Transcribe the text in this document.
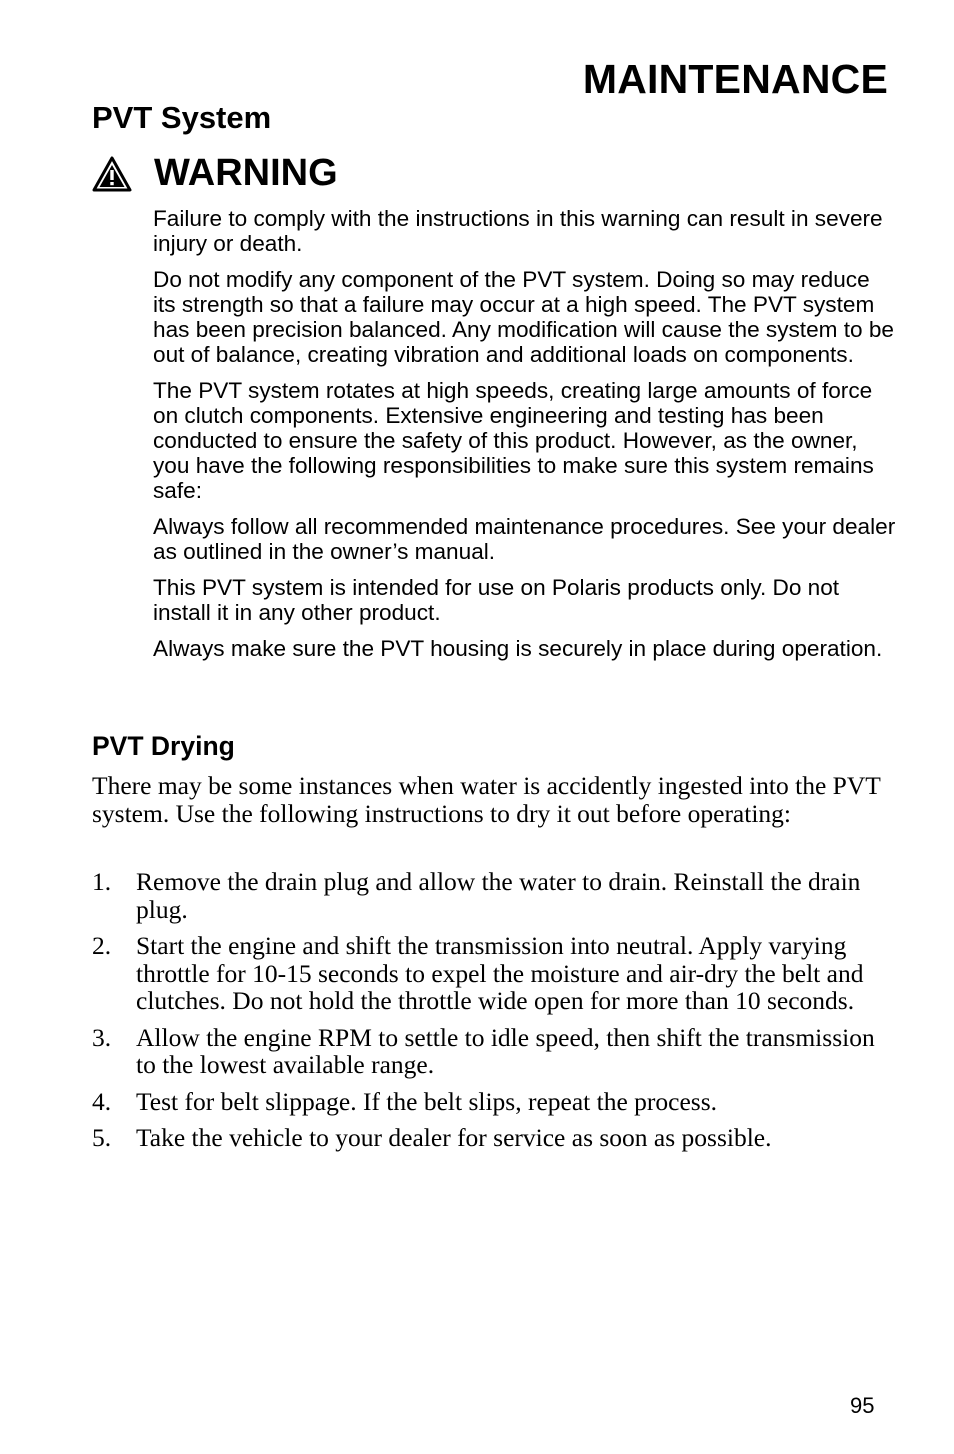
MAINTENANCE
PVT System
WARNING

Failure to comply with the instructions in this warning can result in severe injury or death.

Do not modify any component of the PVT system. Doing so may reduce its strength so that a failure may occur at a high speed. The PVT system has been precision balanced. Any modification will cause the system to be out of balance, creating vibration and additional loads on components.

The PVT system rotates at high speeds, creating large amounts of force on clutch components. Extensive engineering and testing has been conducted to ensure the safety of this product. However, as the owner, you have the following responsibilities to make sure this system remains safe:

Always follow all recommended maintenance procedures. See your dealer as outlined in the owner’s manual.

This PVT system is intended for use on Polaris products only. Do not install it in any other product.

Always make sure the PVT housing is securely in place during operation.

PVT Drying

There may be some instances when water is accidently ingested into the PVT system. Use the following instructions to dry it out before operating:

1. Remove the drain plug and allow the water to drain. Reinstall the drain plug.
2. Start the engine and shift the transmission into neutral. Apply varying throttle for 10-15 seconds to expel the moisture and air-dry the belt and clutches. Do not hold the throttle wide open for more than 10 seconds.
3. Allow the engine RPM to settle to idle speed, then shift the transmission to the lowest available range.
4. Test for belt slippage. If the belt slips, repeat the process.
5. Take the vehicle to your dealer for service as soon as possible.
95
